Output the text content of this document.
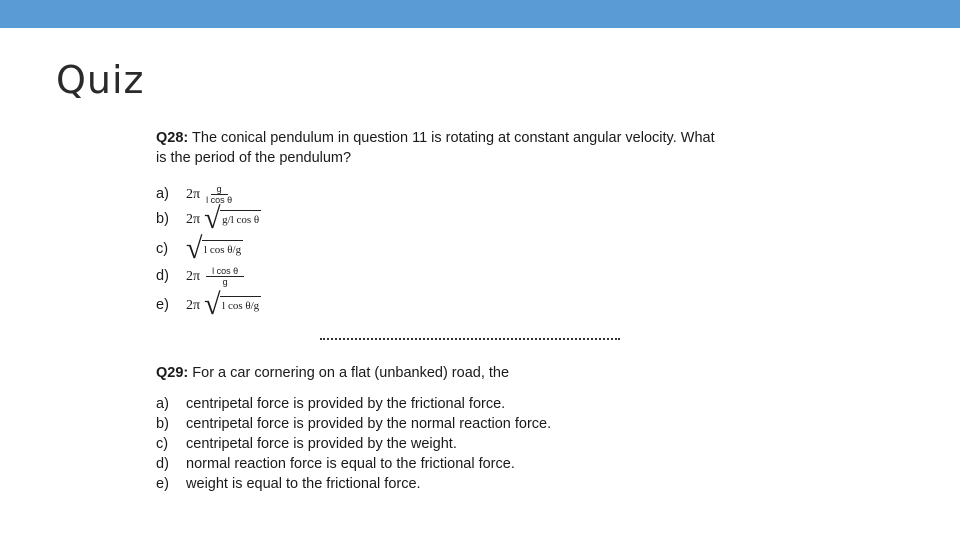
Quiz
Q28: The conical pendulum in question 11 is rotating at constant angular velocity. What
is the period of the pendulum?
a) $2\pi \frac{g}{\text{l cos θ}}$
b) 2π √ g/l cos θ
c) √ l cos θ/g
d) $2\pi \frac{\text{l cos θ}}{g}$
e) 2π √ l cos θ/g
Q29: For a car cornering on a flat (unbanked) road, the
a) centripetal force is provided by the frictional force.
b) centripetal force is provided by the normal reaction force.
c) centripetal force is provided by the weight.
d) normal reaction force is equal to the frictional force.
e) weight is equal to the frictional force.
